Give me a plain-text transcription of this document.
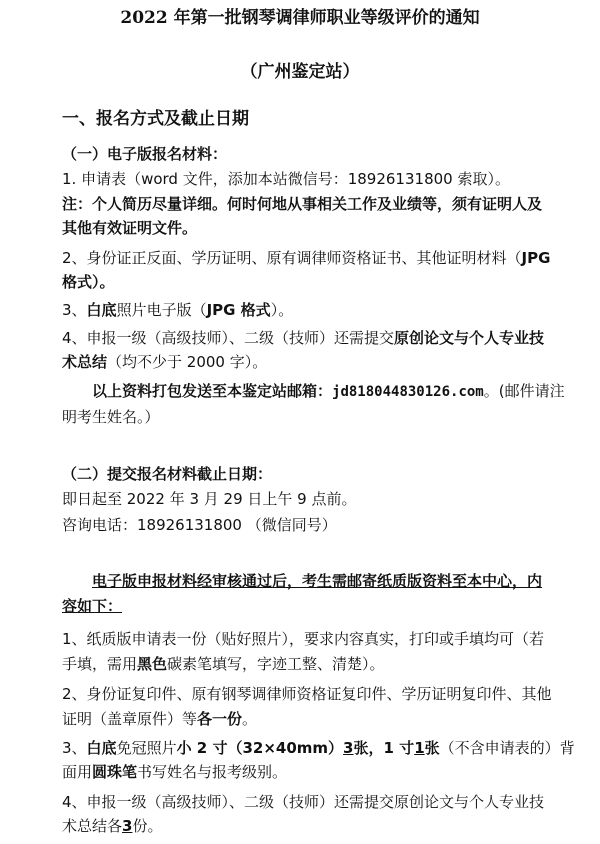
2022 年第一批钢琴调律师职业等级评价的通知
（广州鉴定站）
一、报名方式及截止日期
（一）电子版报名材料：
1. 申请表（word 文件，添加本站微信号：18926131800 索取）。
注：个人简历尽量详细。何时何地从事相关工作及业绩等，须有证明人及
其他有效证明文件。
2、身份证正反面、学历证明、原有调律师资格证书、其他证明材料（JPG
格式）。
3、白底照片电子版（JPG 格式）。
4、申报一级（高级技师）、二级（技师）还需提交原创论文与个人专业技
术总结（均不少于 2000 字）。
以上资料打包发送至本鉴定站邮箱：jd818044830126.com。(邮件请注
明考生姓名。）
（二）提交报名材料截止日期：
即日起至 2022 年 3 月 29 日上午 9 点前。
咨询电话：18926131800 （微信同号）
电子版申报材料经审核通过后，考生需邮寄纸质版资料至本中心，内
容如下：
1、纸质版申请表一份（贴好照片），要求内容真实，打印或手填均可（若
手填，需用黑色碳素笔填写，字迹工整、清楚）。
2、身份证复印件、原有钢琴调律师资格证复印件、学历证明复印件、其他
证明（盖章原件）等各一份。
3、白底免冠照片小 2 寸（32×40mm）3张，1 寸1张（不含申请表的）背
面用圆珠笔书写姓名与报考级别。
4、申报一级（高级技师）、二级（技师）还需提交原创论文与个人专业技
术总结各3份。
